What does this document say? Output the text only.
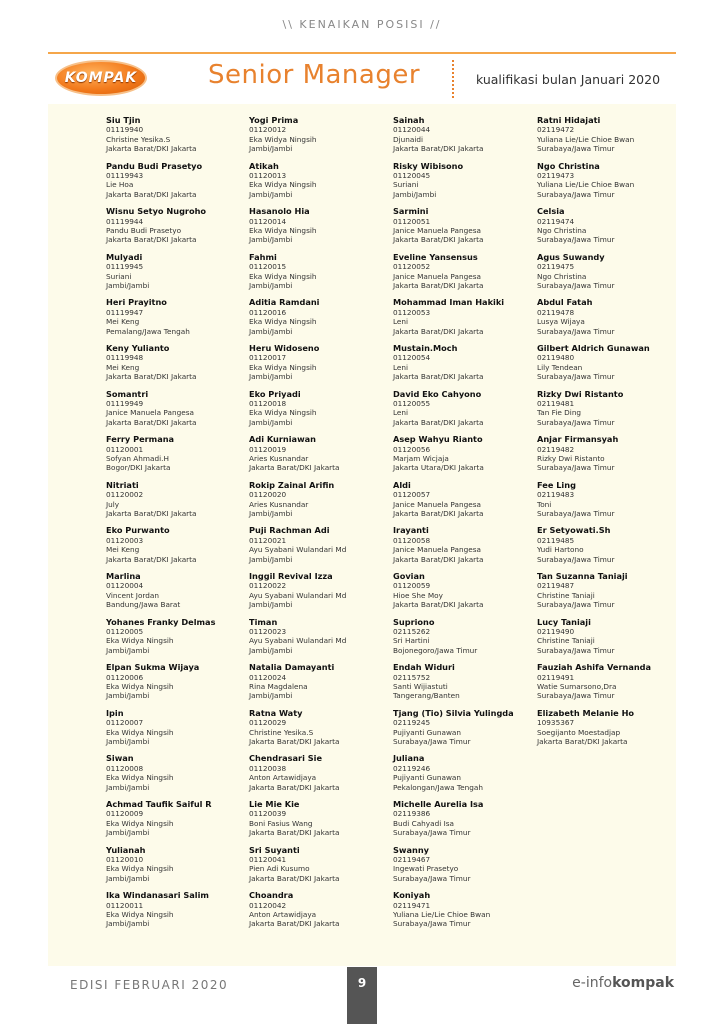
\\ KENAIKAN POSISI //
KOMPAK	Senior Manager	kualifikasi bulan Januari 2020
Siu Tjin
01119940
Christine Yesika.S
Jakarta Barat/DKI Jakarta
Pandu Budi Prasetyo
01119943
Lie Hoa
Jakarta Barat/DKI Jakarta
Wisnu Setyo Nugroho
01119944
Pandu Budi Prasetyo
Jakarta Barat/DKI Jakarta
Mulyadi
01119945
Suriani
Jambi/Jambi
Heri Prayitno
01119947
Mei Keng
Pemalang/Jawa Tengah
Keny Yulianto
01119948
Mei Keng
Jakarta Barat/DKI Jakarta
Somantri
01119949
Janice Manuela Pangesa
Jakarta Barat/DKI Jakarta
Ferry Permana
01120001
Sofyan Ahmadi.H
Bogor/DKI Jakarta
Nitriati
01120002
July
Jakarta Barat/DKI Jakarta
Eko Purwanto
01120003
Mei Keng
Jakarta Barat/DKI Jakarta
Marlina
01120004
Vincent Jordan
Bandung/Jawa Barat
Yohanes Franky Delmas
01120005
Eka Widya Ningsih
Jambi/Jambi
Elpan Sukma Wijaya
01120006
Eka Widya Ningsih
Jambi/Jambi
Ipin
01120007
Eka Widya Ningsih
Jambi/Jambi
Siwan
01120008
Eka Widya Ningsih
Jambi/Jambi
Achmad Taufik Saiful R
01120009
Eka Widya Ningsih
Jambi/Jambi
Yulianah
01120010
Eka Widya Ningsih
Jambi/Jambi
Ika Windanasari Salim
01120011
Eka Widya Ningsih
Jambi/Jambi
Yogi Prima
01120012
Eka Widya Ningsih
Jambi/Jambi
Atikah
01120013
Eka Widya Ningsih
Jambi/Jambi
Hasanolo Hia
01120014
Eka Widya Ningsih
Jambi/Jambi
Fahmi
01120015
Eka Widya Ningsih
Jambi/Jambi
Aditia Ramdani
01120016
Eka Widya Ningsih
Jambi/Jambi
Heru Widoseno
01120017
Eka Widya Ningsih
Jambi/Jambi
Eko Priyadi
01120018
Eka Widya Ningsih
Jambi/Jambi
Adi Kurniawan
01120019
Aries Kusnandar
Jakarta Barat/DKI Jakarta
Rokip Zainal Arifin
01120020
Aries Kusnandar
Jambi/Jambi
Puji Rachman Adi
01120021
Ayu Syabani Wulandari Md
Jambi/Jambi
Inggil Revival Izza
01120022
Ayu Syabani Wulandari Md
Jambi/Jambi
Timan
01120023
Ayu Syabani Wulandari Md
Jambi/Jambi
Natalia Damayanti
01120024
Rina Magdalena
Jambi/Jambi
Ratna Waty
01120029
Christine Yesika.S
Jakarta Barat/DKI Jakarta
Chendrasari Sie
01120038
Anton Artawidjaya
Jakarta Barat/DKI Jakarta
Lie Mie Kie
01120039
Boni Fasius Wang
Jakarta Barat/DKI Jakarta
Sri Suyanti
01120041
Pien Adi Kusumo
Jakarta Barat/DKI Jakarta
Choandra
01120042
Anton Artawidjaya
Jakarta Barat/DKI Jakarta
Sainah
01120044
Djunaidi
Jakarta Barat/DKI Jakarta
Risky Wibisono
01120045
Suriani
Jambi/Jambi
Sarmini
01120051
Janice Manuela Pangesa
Jakarta Barat/DKI Jakarta
Eveline Yansensus
01120052
Janice Manuela Pangesa
Jakarta Barat/DKI Jakarta
Mohammad Iman Hakiki
01120053
Leni
Jakarta Barat/DKI Jakarta
Mustain.Moch
01120054
Leni
Jakarta Barat/DKI Jakarta
David Eko Cahyono
01120055
Leni
Jakarta Barat/DKI Jakarta
Asep Wahyu Rianto
01120056
Marjam Wicjaja
Jakarta Utara/DKI Jakarta
Aldi
01120057
Janice Manuela Pangesa
Jakarta Barat/DKI Jakarta
Irayanti
01120058
Janice Manuela Pangesa
Jakarta Barat/DKI Jakarta
Govian
01120059
Hioe She Moy
Jakarta Barat/DKI Jakarta
Supriono
02115262
Sri Hartini
Bojonegoro/Jawa Timur
Endah Widuri
02115752
Santi Wijiastuti
Tangerang/Banten
Tjang (Tio) Silvia Yulingda
02119245
Pujiyanti Gunawan
Surabaya/Jawa Timur
Juliana
02119246
Pujiyanti Gunawan
Pekalongan/Jawa Tengah
Michelle Aurelia Isa
02119386
Budi Cahyadi Isa
Surabaya/Jawa Timur
Swanny
02119467
Ingewati Prasetyo
Surabaya/Jawa Timur
Koniyah
02119471
Yuliana Lie/Lie Chioe Bwan
Surabaya/Jawa Timur
Ratni Hidajati
02119472
Yuliana Lie/Lie Chioe Bwan
Surabaya/Jawa Timur
Ngo Christina
02119473
Yuliana Lie/Lie Chioe Bwan
Surabaya/Jawa Timur
Celsia
02119474
Ngo Christina
Surabaya/Jawa Timur
Agus Suwandy
02119475
Ngo Christina
Surabaya/Jawa Timur
Abdul Fatah
02119478
Lusya Wijaya
Surabaya/Jawa Timur
Gilbert Aldrich Gunawan
02119480
Lily Tendean
Surabaya/Jawa Timur
Rizky Dwi Ristanto
02119481
Tan Fie Ding
Surabaya/Jawa Timur
Anjar Firmansyah
02119482
Rizky Dwi Ristanto
Surabaya/Jawa Timur
Fee Ling
02119483
Toni
Surabaya/Jawa Timur
Er Setyowati.Sh
02119485
Yudi Hartono
Surabaya/Jawa Timur
Tan Suzanna Taniaji
02119487
Christine Taniaji
Surabaya/Jawa Timur
Lucy Taniaji
02119490
Christine Taniaji
Surabaya/Jawa Timur
Fauziah Ashifa Vernanda
02119491
Watie Sumarsono,Dra
Surabaya/Jawa Timur
Elizabeth Melanie Ho
10935367
Soegijanto Moestadjap
Jakarta Barat/DKI Jakarta
EDISI FEBRUARI 2020	9	e-infokompak
